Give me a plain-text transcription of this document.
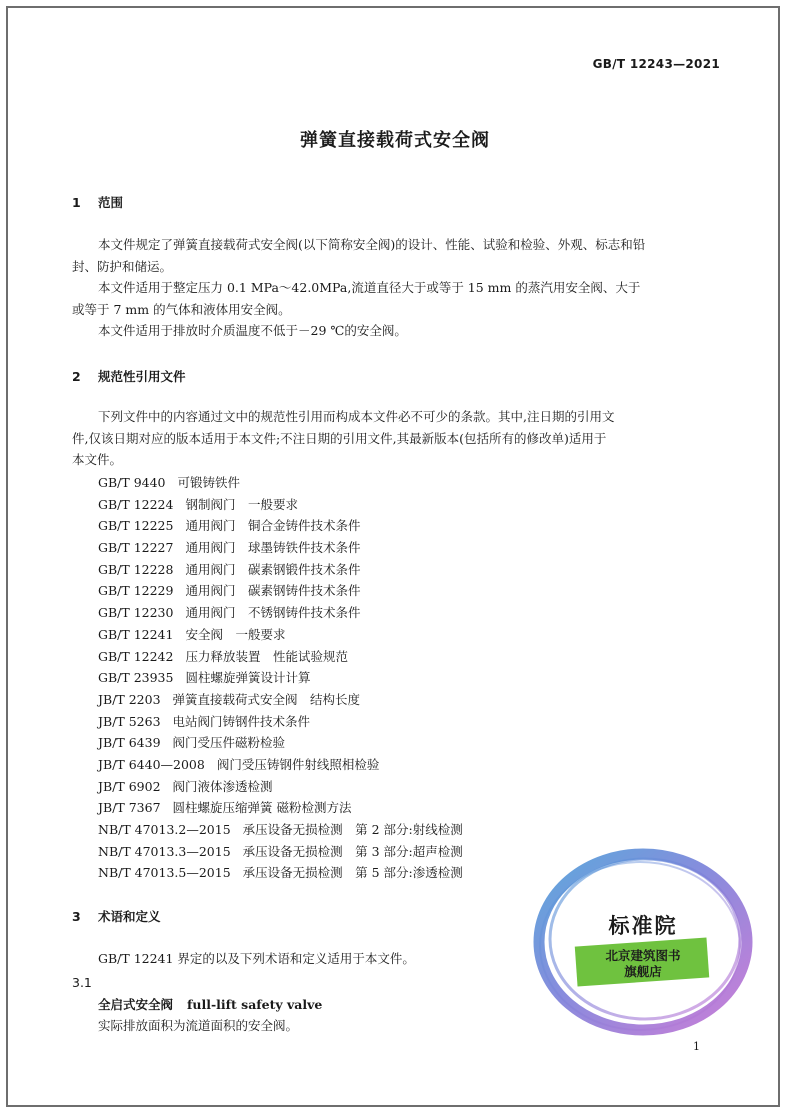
GB/T 12243—2021
弹簧直接载荷式安全阀
1 范围
本文件规定了弹簧直接载荷式安全阀(以下简称安全阀)的设计、性能、试验和检验、外观、标志和铅
封、防护和储运。
本文件适用于整定压力 0.1 MPa～42.0MPa,流道直径大于或等于 15 mm 的蒸汽用安全阀、大于
或等于 7 mm 的气体和液体用安全阀。
本文件适用于排放时介质温度不低于－29 ℃的安全阀。
2 规范性引用文件
下列文件中的内容通过文中的规范性引用而构成本文件必不可少的条款。其中,注日期的引用文
件,仅该日期对应的版本适用于本文件;不注日期的引用文件,其最新版本(包括所有的修改单)适用于
本文件。
GB/T 9440 可锻铸铁件
GB/T 12224 钢制阀门　一般要求
GB/T 12225 通用阀门　铜合金铸件技术条件
GB/T 12227 通用阀门　球墨铸铁件技术条件
GB/T 12228 通用阀门　碳素钢锻件技术条件
GB/T 12229 通用阀门　碳素钢铸件技术条件
GB/T 12230 通用阀门　不锈钢铸件技术条件
GB/T 12241 安全阀　一般要求
GB/T 12242 压力释放装置　性能试验规范
GB/T 23935 圆柱螺旋弹簧设计计算
JB/T 2203 弹簧直接载荷式安全阀　结构长度
JB/T 5263 电站阀门铸钢件技术条件
JB/T 6439 阀门受压件磁粉检验
JB/T 6440—2008 阀门受压铸钢件射线照相检验
JB/T 6902 阀门液体渗透检测
JB/T 7367 圆柱螺旋压缩弹簧 磁粉检测方法
NB/T 47013.2—2015 承压设备无损检测　第 2 部分:射线检测
NB/T 47013.3—2015 承压设备无损检测　第 3 部分:超声检测
NB/T 47013.5—2015 承压设备无损检测　第 5 部分:渗透检测
3 术语和定义
GB/T 12241 界定的以及下列术语和定义适用于本文件。
3.1
全启式安全阀 full-lift safety valve
实际排放面积为流道面积的安全阀。
1
标准院
北京建筑图书
旗舰店
